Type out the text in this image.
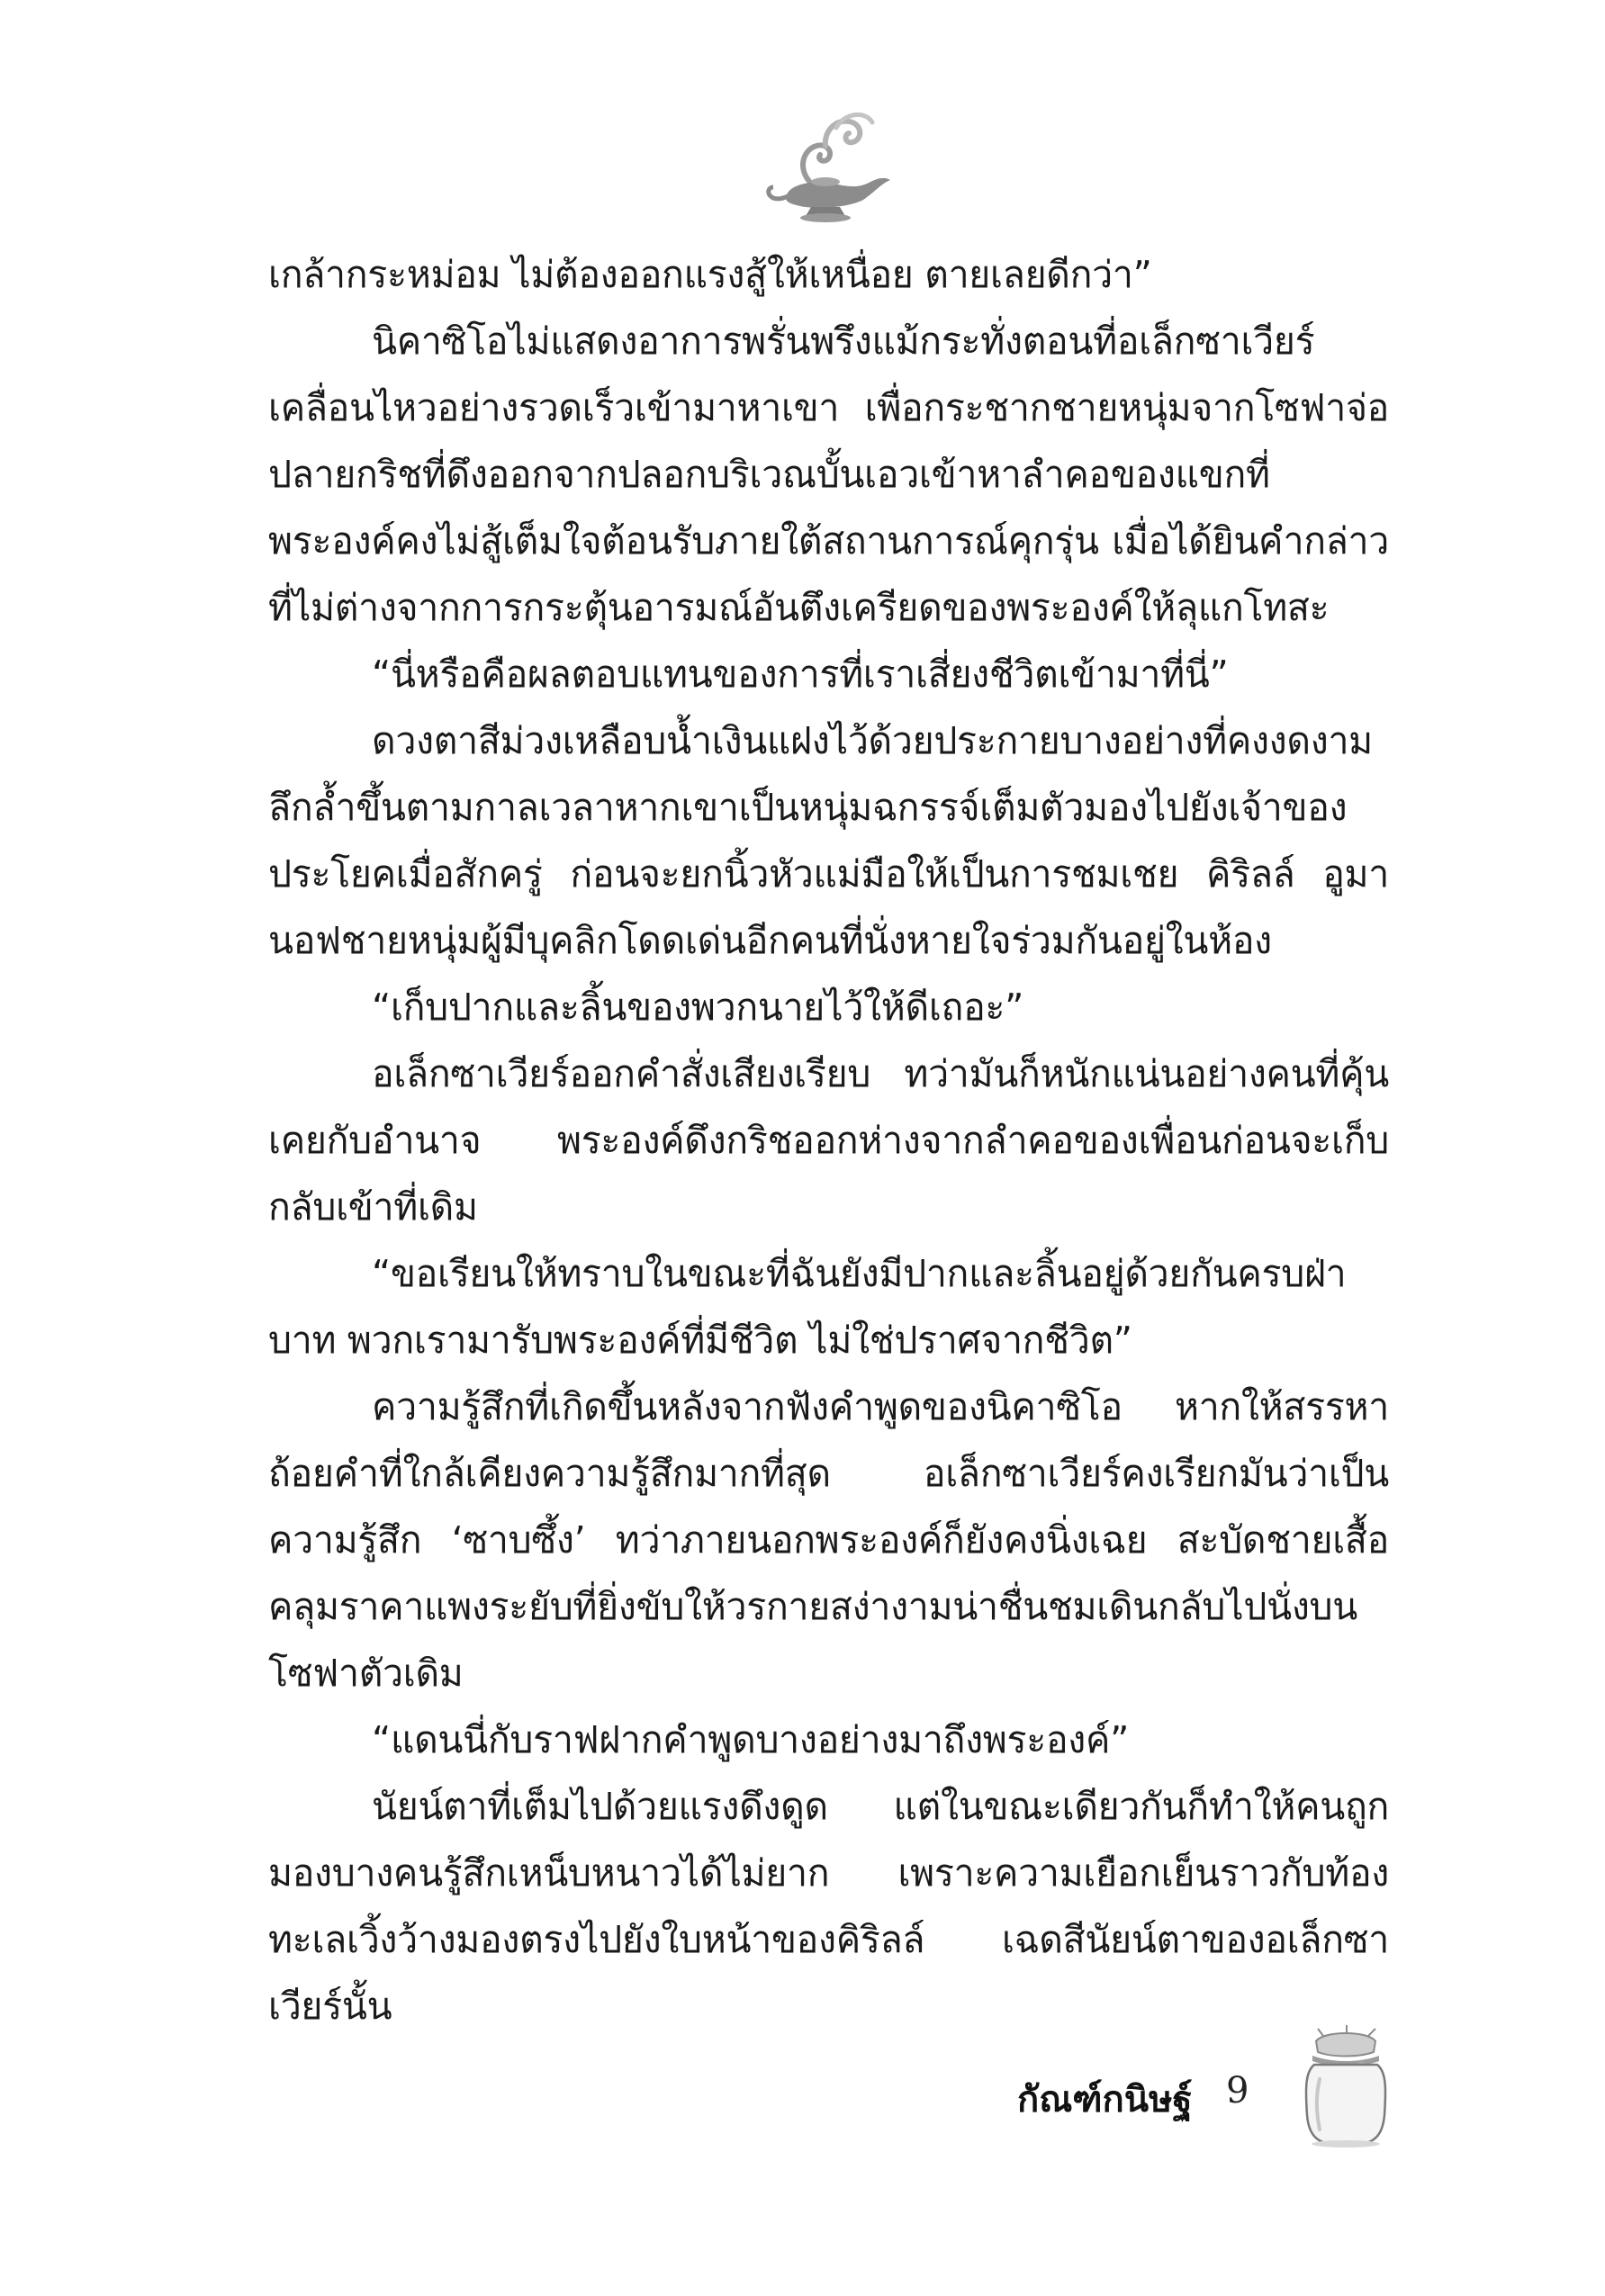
เกล้ากระหม่อม ไม่ต้องออกแรงสู้ให้เหนื่อย ตายเลยดีกว่า”

นิคาซิโอไม่แสดงอาการพรั่นพรึงแม้กระทั่งตอนที่อเล็กซาเวียร์เคลื่อนไหวอย่างรวดเร็วเข้ามาหาเขา เพื่อกระชากชายหนุ่มจากโซฟาจ่อปลายกริชที่ดึงออกจากปลอกบริเวณบั้นเอวเข้าหาลำคอของแขกที่พระองค์คงไม่สู้เต็มใจต้อนรับภายใต้สถานการณ์คุกรุ่น เมื่อได้ยินคำกล่าวที่ไม่ต่างจากการกระตุ้นอารมณ์อันตึงเครียดของพระองค์ให้ลุแกโทสะ

“นี่หรือคือผลตอบแทนของการที่เราเสี่ยงชีวิตเข้ามาที่นี่”

ดวงตาสีม่วงเหลือบน้ำเงินแฝงไว้ด้วยประกายบางอย่างที่คงงดงามลึกล้ำขึ้นตามกาลเวลาหากเขาเป็นหนุ่มฉกรรจ์เต็มตัวมองไปยังเจ้าของประโยคเมื่อสักครู่ ก่อนจะยกนิ้วหัวแม่มือให้เป็นการชมเชย คิริลล์ อูมานอฟชายหนุ่มผู้มีบุคลิกโดดเด่นอีกคนที่นั่งหายใจร่วมกันอยู่ในห้อง

“เก็บปากและลิ้นของพวกนายไว้ให้ดีเถอะ”

อเล็กซาเวียร์ออกคำสั่งเสียงเรียบ ทว่ามันก็หนักแน่นอย่างคนที่คุ้นเคยกับอำนาจ พระองค์ดึงกริชออกห่างจากลำคอของเพื่อนก่อนจะเก็บกลับเข้าที่เดิม

“ขอเรียนให้ทราบในขณะที่ฉันยังมีปากและลิ้นอยู่ด้วยกันครบฝ่าบาท พวกเรามารับพระองค์ที่มีชีวิต ไม่ใช่ปราศจากชีวิต”

ความรู้สึกที่เกิดขึ้นหลังจากฟังคำพูดของนิคาซิโอ หากให้สรรหาถ้อยคำที่ใกล้เคียงความรู้สึกมากที่สุด อเล็กซาเวียร์คงเรียกมันว่าเป็นความรู้สึก ‘ซาบซึ้ง’ ทว่าภายนอกพระองค์ก็ยังคงนิ่งเฉย สะบัดชายเสื้อคลุมราคาแพงระยับที่ยิ่งขับให้วรกายสง่างามน่าชื่นชมเดินกลับไปนั่งบนโซฟาตัวเดิม

“แดนนี่กับราฟฝากคำพูดบางอย่างมาถึงพระองค์”

นัยน์ตาที่เต็มไปด้วยแรงดึงดูด แต่ในขณะเดียวกันก็ทำให้คนถูกมองบางคนรู้สึกเหน็บหนาวได้ไม่ยาก เพราะความเยือกเย็นราวกับท้องทะเลเวิ้งว้างมองตรงไปยังใบหน้าของคิริลล์ เฉดสีนัยน์ตาของอเล็กซาเวียร์นั้น

กัณฑ์กนิษฐ์ 9
